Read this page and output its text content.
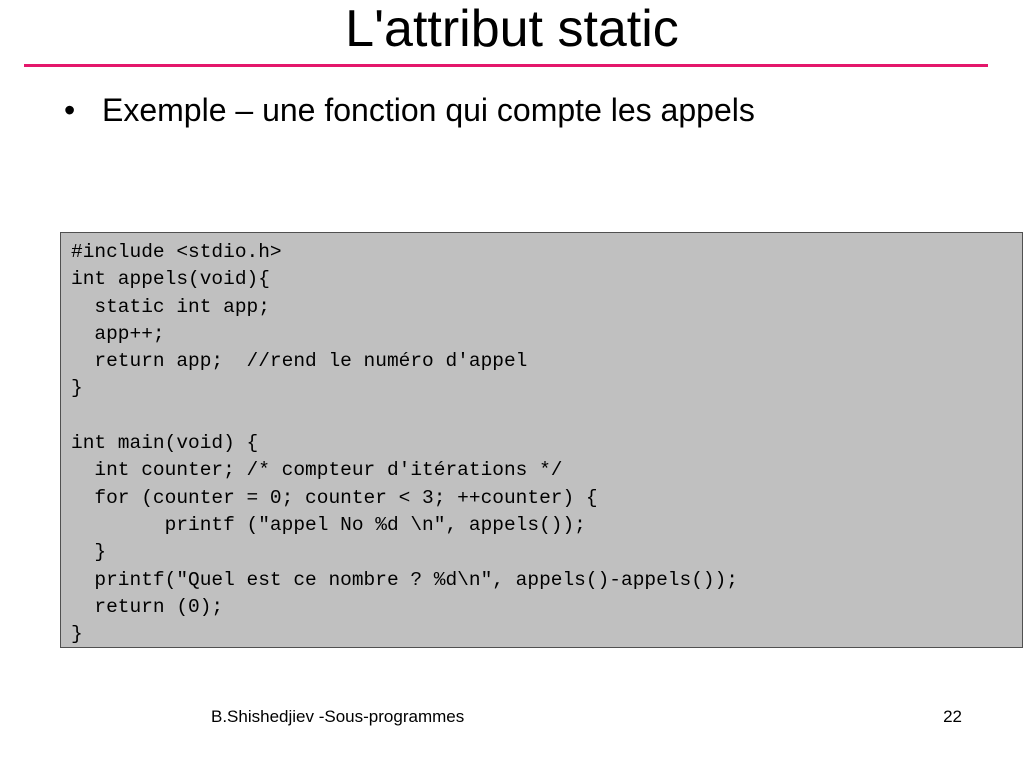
L'attribut static
• Exemple – une fonction qui compte les appels
#include <stdio.h>
int appels(void){
static int app;
app++;
return app;  //rend le numéro d'appel
}
int main(void) {
int counter; /* compteur d'itérations */
for (counter = 0; counter < 3; ++counter) {
printf ("appel No %d \n", appels());
}
printf("Quel est ce nombre ? %d\n", appels()-appels());
return (0);
}
B.Shishedjiev -Sous-programmes	22
